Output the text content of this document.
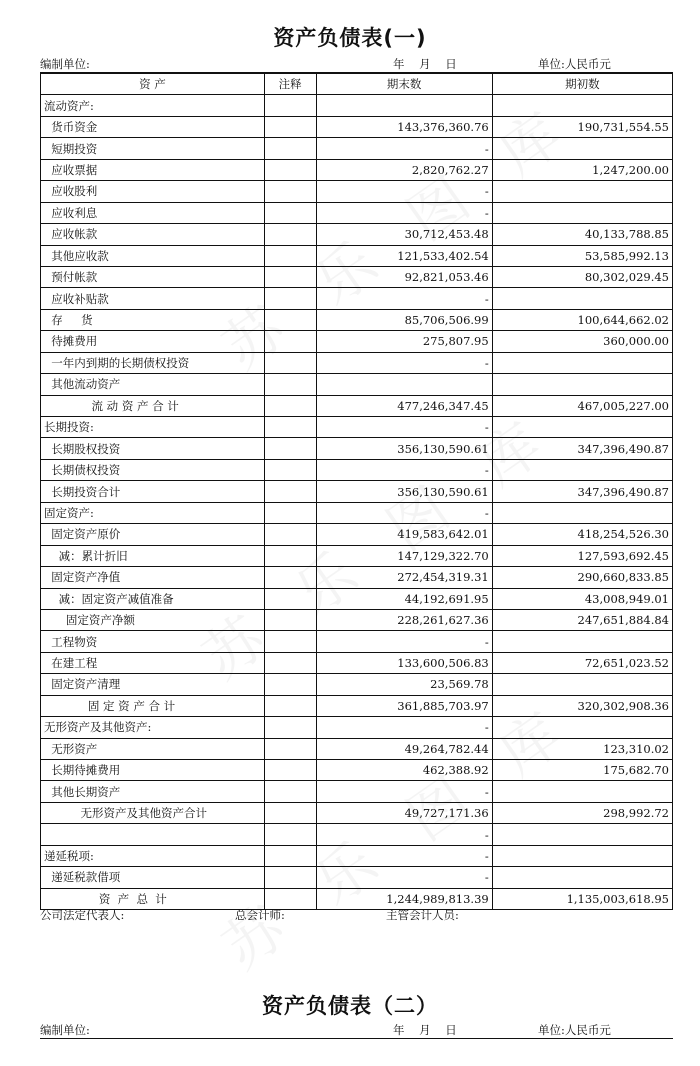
资产负债表(一)
编制单位:	年    月    日	单位:人民币元
资 产	注释	期末数	期初数
流动资产:			
货币资金		143,376,360.76	190,731,554.55
短期投资		-	
应收票据		2,820,762.27	1,247,200.00
应收股利		-	
应收利息		-	
应收帐款		30,712,453.48	40,133,788.85
其他应收款		121,533,402.54	53,585,992.13
预付帐款		92,821,053.46	80,302,029.45
应收补贴款		-	
存     货		85,706,506.99	100,644,662.02
待摊费用		275,807.95	360,000.00
一年内到期的长期债权投资		-	
其他流动资产			
流 动 资 产 合 计		477,246,347.45	467,005,227.00
长期投资:		-	
长期股权投资		356,130,590.61	347,396,490.87
长期债权投资		-	
长期投资合计		356,130,590.61	347,396,490.87
固定资产:		-	
固定资产原价		419,583,642.01	418,254,526.30
减：累计折旧		147,129,322.70	127,593,692.45
固定资产净值		272,454,319.31	290,660,833.85
减：固定资产减值准备		44,192,691.95	43,008,949.01
固定资产净额		228,261,627.36	247,651,884.84
工程物资		-	
在建工程		133,600,506.83	72,651,023.52
固定资产清理		23,569.78	
固 定 资 产 合 计		361,885,703.97	320,302,908.36
无形资产及其他资产:		-	
无形资产		49,264,782.44	123,310.02
长期待摊费用		462,388.92	175,682.70
其他长期资产		-	
无形资产及其他资产合计		49,727,171.36	298,992.72
		-	
递延税项:		-	
递延税款借项		-	
资  产  总  计		1,244,989,813.39	1,135,003,618.95
公司法定代表人:	总会计师:	主管会计人员:
资产负债表（二）
编制单位:	年    月    日	单位:人民币元
